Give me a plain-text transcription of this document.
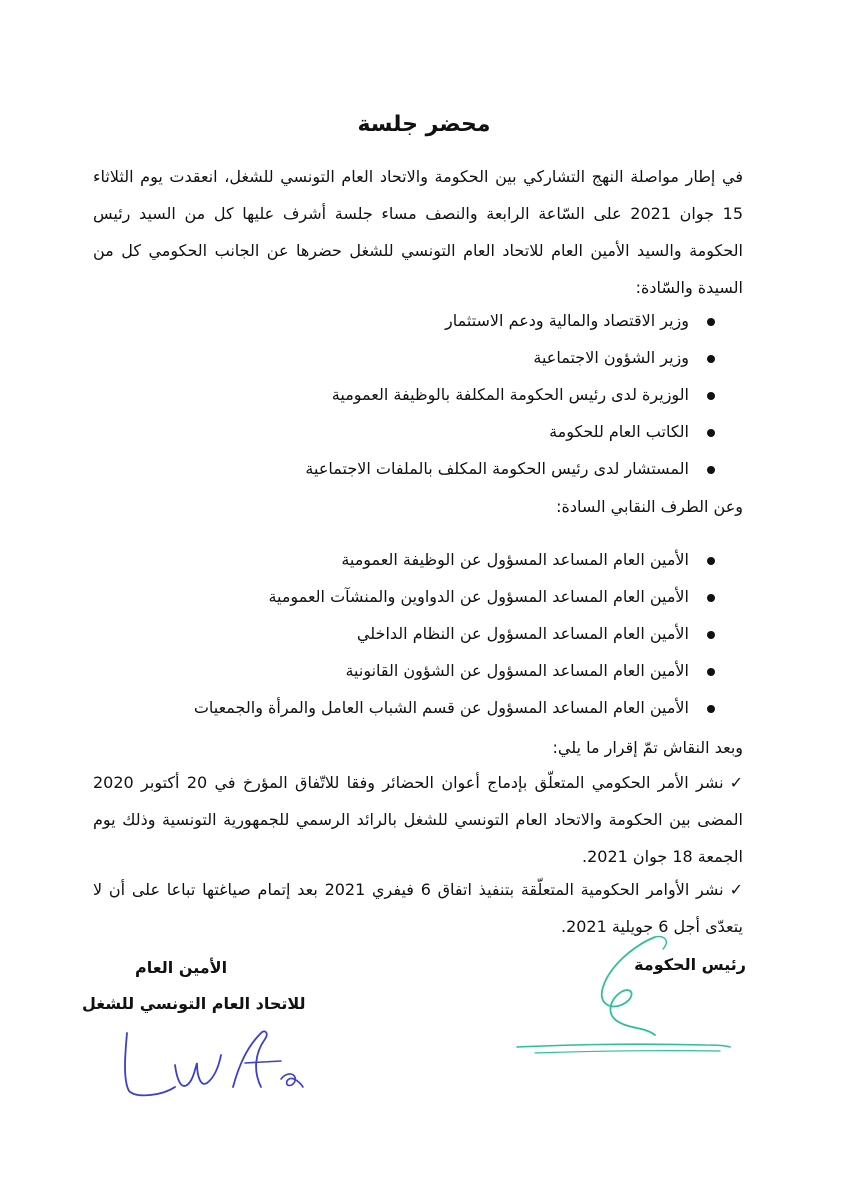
محضر جلسة

في إطار مواصلة النهج التشاركي بين الحكومة والاتحاد العام التونسي للشغل، انعقدت يوم الثلاثاء 15 جوان 2021 على السّاعة الرابعة والنصف مساء جلسة أشرف عليها كل من السيد رئيس الحكومة والسيد الأمين العام للاتحاد العام التونسي للشغل حضرها عن الجانب الحكومي كل من السيدة والسّادة:

وزير الاقتصاد والمالية ودعم الاستثمار
وزير الشؤون الاجتماعية
الوزيرة لدى رئيس الحكومة المكلفة بالوظيفة العمومية
الكاتب العام للحكومة
المستشار لدى رئيس الحكومة المكلف بالملفات الاجتماعية
وعن الطرف النقابي السادة:
الأمين العام المساعد المسؤول عن الوظيفة العمومية
الأمين العام المساعد المسؤول عن الدواوين والمنشآت العمومية
الأمين العام المساعد المسؤول عن النظام الداخلي
الأمين العام المساعد المسؤول عن الشؤون القانونية
الأمين العام المساعد المسؤول عن قسم الشباب العامل والمرأة والجمعيات
وبعد النقاش تمّ إقرار ما يلي:
✓نشر الأمر الحكومي المتعلّق بإدماج أعوان الحضائر وفقا للاتّفاق المؤرخ في 20 أكتوبر 2020 المضى بين الحكومة والاتحاد العام التونسي للشغل بالرائد الرسمي للجمهورية التونسية وذلك يوم الجمعة 18 جوان 2021.
✓نشر الأوامر الحكومية المتعلّقة بتنفيذ اتفاق 6 فيفري 2021 بعد إتمام صياغتها تباعا على أن لا يتعدّى أجل 6 جويلية 2021.
رئيس الحكومة
الأمين العام
للاتحاد العام التونسي للشغل
